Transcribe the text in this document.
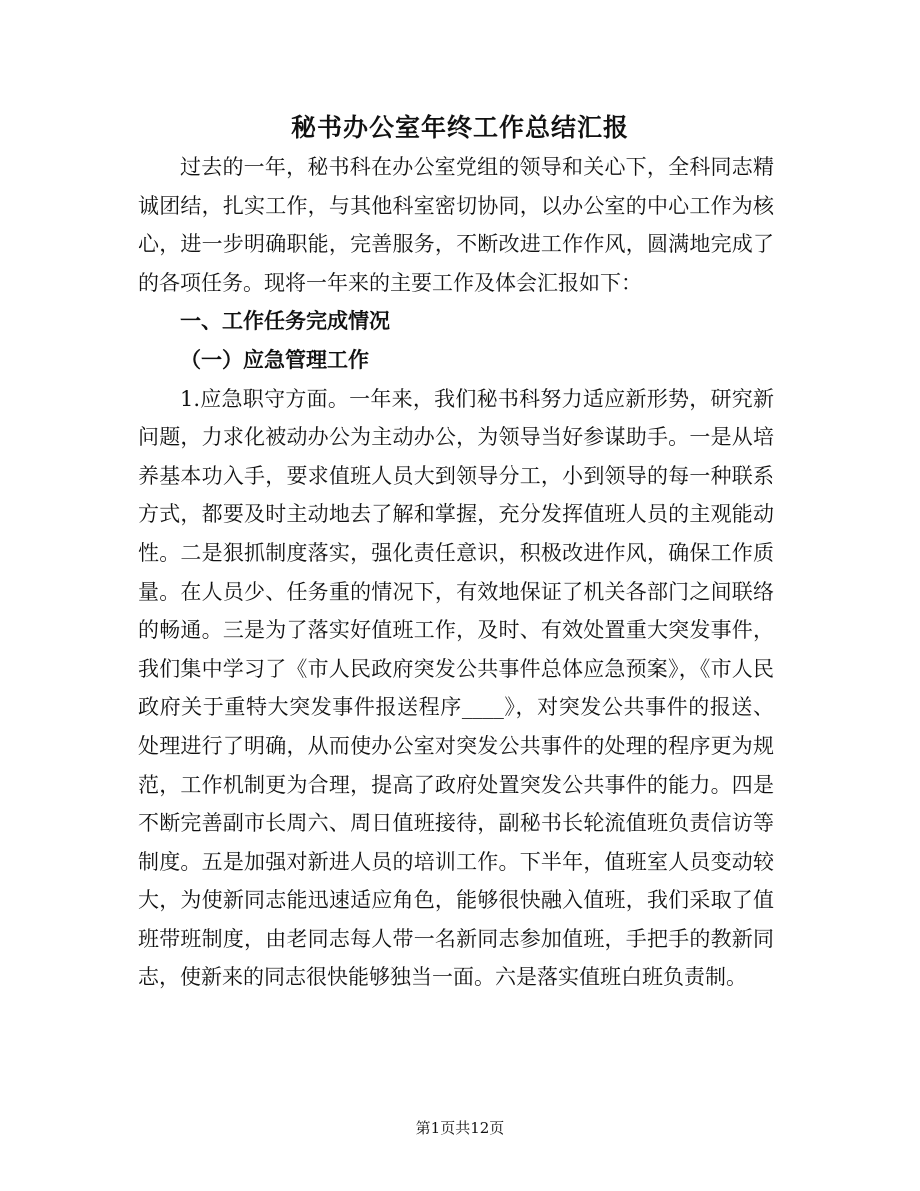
秘书办公室年终工作总结汇报

过去的一年，秘书科在办公室党组的领导和关心下，全科同志精诚团结，扎实工作，与其他科室密切协同，以办公室的中心工作为核心，进一步明确职能，完善服务，不断改进工作作风，圆满地完成了的各项任务。现将一年来的主要工作及体会汇报如下：

一、工作任务完成情况

（一）应急管理工作

1.应急职守方面。一年来，我们秘书科努力适应新形势，研究新问题，力求化被动办公为主动办公，为领导当好参谋助手。一是从培养基本功入手，要求值班人员大到领导分工，小到领导的每一种联系方式，都要及时主动地去了解和掌握，充分发挥值班人员的主观能动性。二是狠抓制度落实，强化责任意识，积极改进作风，确保工作质量。在人员少、任务重的情况下，有效地保证了机关各部门之间联络的畅通。三是为了落实好值班工作，及时、有效处置重大突发事件，我们集中学习了《市人民政府突发公共事件总体应急预案》，《市人民政府关于重特大突发事件报送程序____》，对突发公共事件的报送、处理进行了明确，从而使办公室对突发公共事件的处理的程序更为规范，工作机制更为合理，提高了政府处置突发公共事件的能力。四是不断完善副市长周六、周日值班接待，副秘书长轮流值班负责信访等制度。五是加强对新进人员的培训工作。下半年，值班室人员变动较大，为使新同志能迅速适应角色，能够很快融入值班，我们采取了值班带班制度，由老同志每人带一名新同志参加值班，手把手的教新同志，使新来的同志很快能够独当一面。六是落实值班白班负责制。

第1页共12页
